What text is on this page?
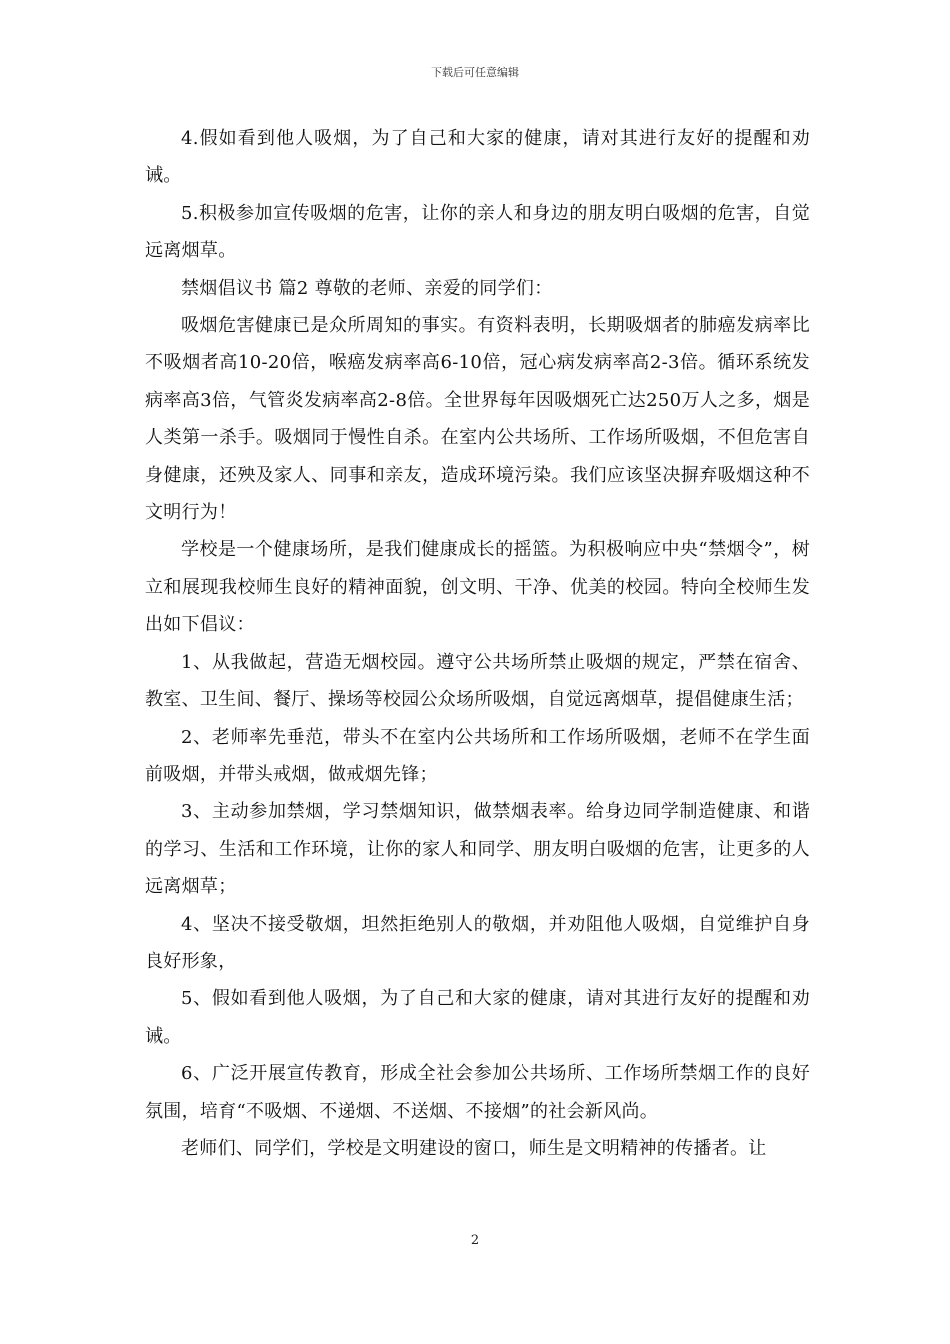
下载后可任意编辑

4.假如看到他人吸烟，为了自己和大家的健康，请对其进行友好的提醒和劝诫。

5.积极参加宣传吸烟的危害，让你的亲人和身边的朋友明白吸烟的危害，自觉远离烟草。

禁烟倡议书 篇2 尊敬的老师、亲爱的同学们：

吸烟危害健康已是众所周知的事实。有资料表明，长期吸烟者的肺癌发病率比不吸烟者高10-20倍，喉癌发病率高6-10倍，冠心病发病率高2-3倍。循环系统发病率高3倍，气管炎发病率高2-8倍。全世界每年因吸烟死亡达250万人之多，烟是人类第一杀手。吸烟同于慢性自杀。在室内公共场所、工作场所吸烟，不但危害自身健康，还殃及家人、同事和亲友，造成环境污染。我们应该坚决摒弃吸烟这种不文明行为！

学校是一个健康场所，是我们健康成长的摇篮。为积极响应中央“禁烟令”，树立和展现我校师生良好的精神面貌，创文明、干净、优美的校园。特向全校师生发出如下倡议：

1、从我做起，营造无烟校园。遵守公共场所禁止吸烟的规定，严禁在宿舍、教室、卫生间、餐厅、操场等校园公众场所吸烟，自觉远离烟草，提倡健康生活；

2、老师率先垂范，带头不在室内公共场所和工作场所吸烟，老师不在学生面前吸烟，并带头戒烟，做戒烟先锋；

3、主动参加禁烟，学习禁烟知识，做禁烟表率。给身边同学制造健康、和谐的学习、生活和工作环境，让你的家人和同学、朋友明白吸烟的危害，让更多的人远离烟草；

4、坚决不接受敬烟，坦然拒绝别人的敬烟，并劝阻他人吸烟，自觉维护自身良好形象，

5、假如看到他人吸烟，为了自己和大家的健康，请对其进行友好的提醒和劝诫。

6、广泛开展宣传教育，形成全社会参加公共场所、工作场所禁烟工作的良好氛围，培育“不吸烟、不递烟、不送烟、不接烟”的社会新风尚。

老师们、同学们，学校是文明建设的窗口，师生是文明精神的传播者。让

2
